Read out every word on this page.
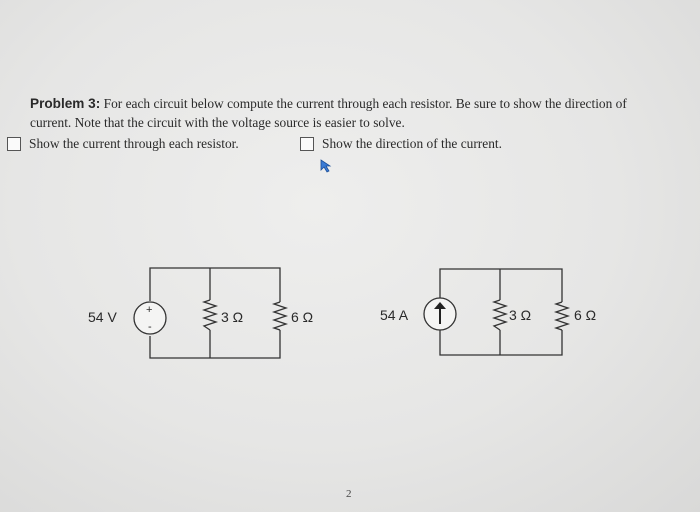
Problem 3: For each circuit below compute the current through each resistor. Be sure to show the direction of current. Note that the circuit with the voltage source is easier to solve.
Show the current through each resistor.	Show the direction of the current.
+
-
54 V	3 Ω	6 Ω	54 A	3 Ω	6 Ω
2
